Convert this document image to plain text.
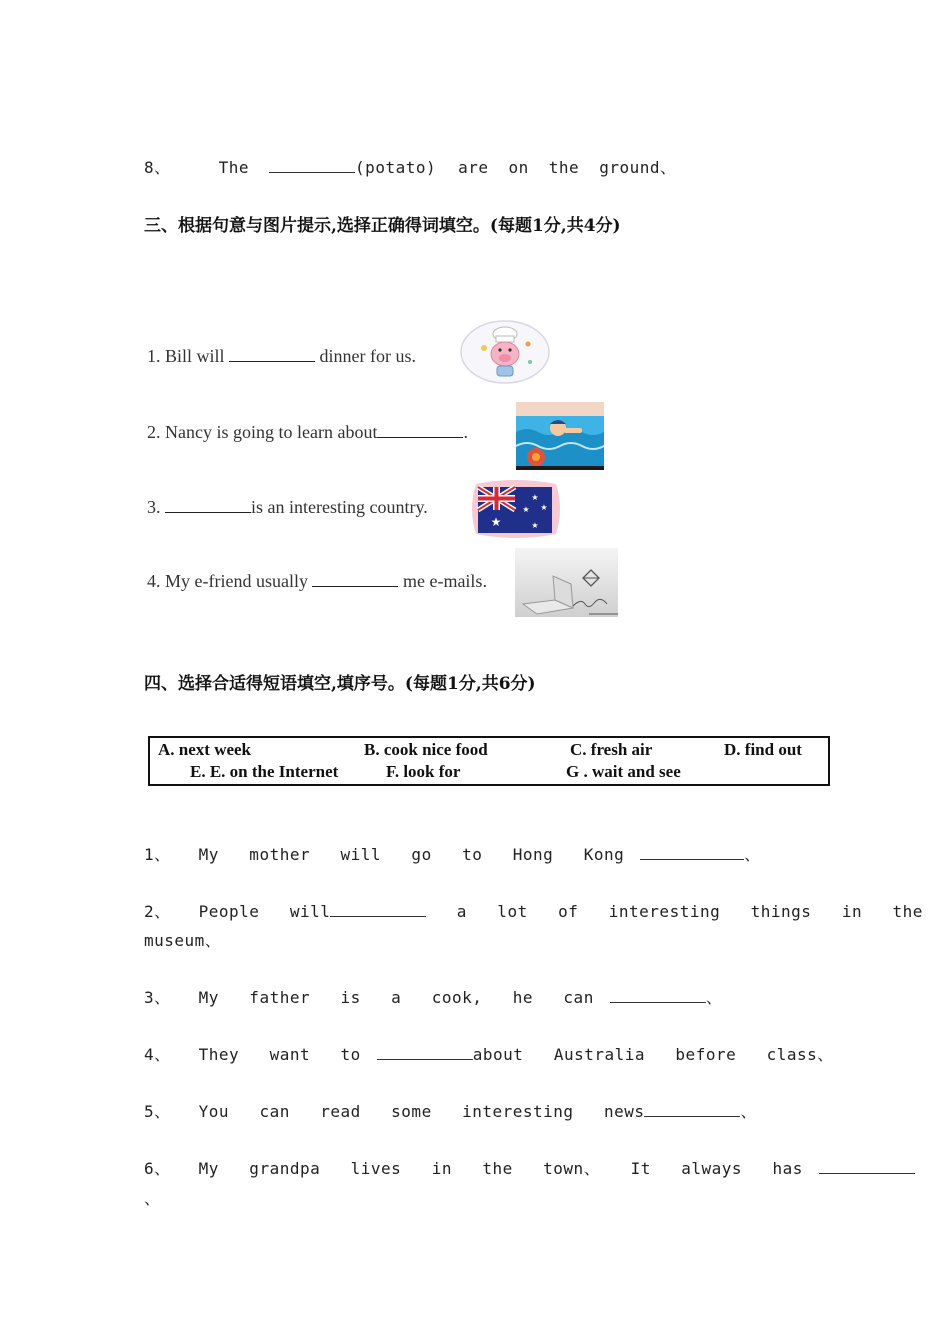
8、	The	(potato) are on the ground、
三、根据句意与图片提示,选择正确得词填空。(每题1分,共4分)
1. Bill will	dinner for us.
2. Nancy is going to learn about	.
3.	is an interesting country.
4. My e-friend usually	me e-mails.
★
★
★ ★
★
四、选择合适得短语填空,填序号。(每题1分,共6分)
A. next week	B. cook nice food	C. fresh air	D. find out
E. E. on the Internet	F. look for	G . wait and see
1、 My   mother   will   go   to   Hong   Kong	、
2、 People   will	a   lot   of   interesting   things   in   the
museum、
3、 My   father   is   a   cook,   he   can	、
4、 They   want   to	about   Australia   before   class、
5、 You   can   read   some   interesting   news	、
6、 My   grandpa   lives   in   the   town、   It   always   has
、
